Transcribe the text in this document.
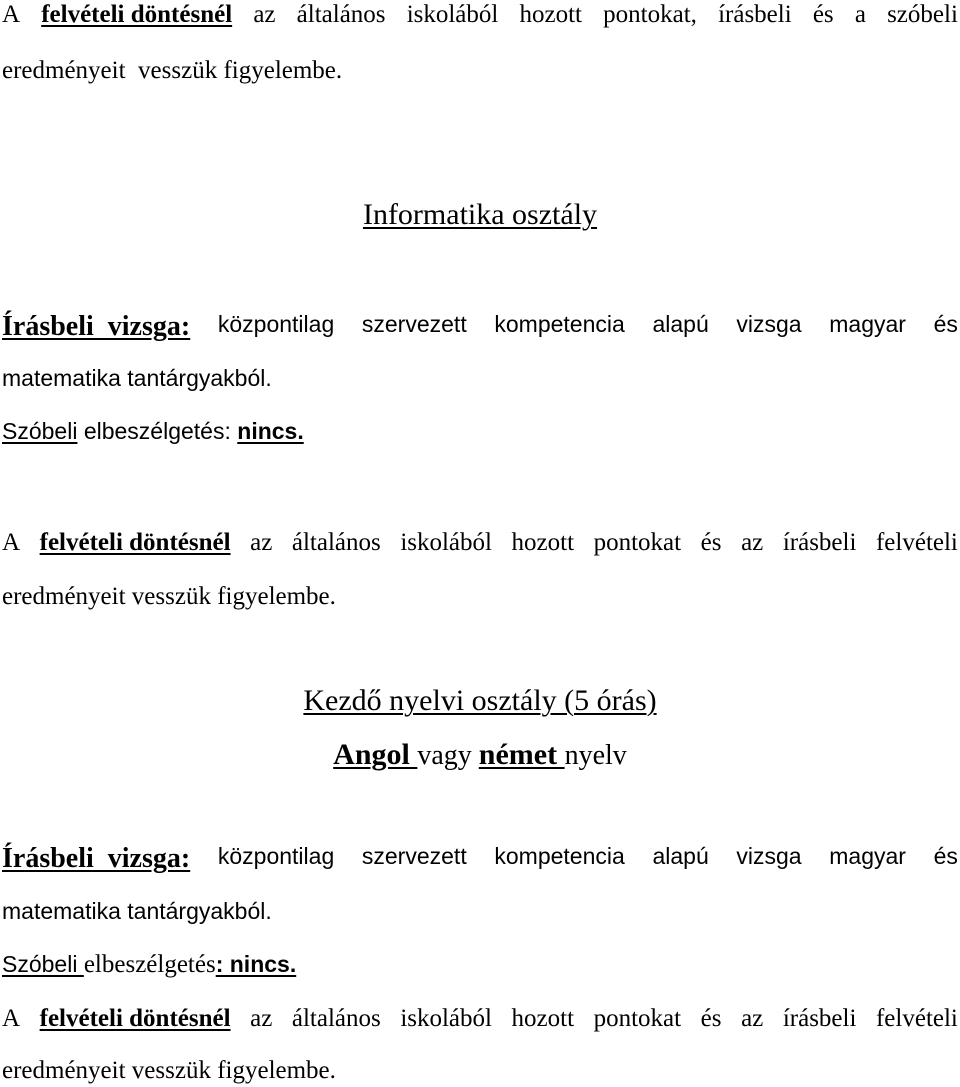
A felvételi döntésnél az általános iskolából hozott pontokat, írásbeli és a szóbeli
eredményeit  vesszük figyelembe.
Informatika osztály
Írásbeli  vizsga: központilag szervezett kompetencia alapú vizsga magyar és
matematika tantárgyakból.
Szóbeli elbeszélgetés: nincs.
A felvételi döntésnél az általános iskolából hozott pontokat és az írásbeli felvételi
eredményeit vesszük figyelembe.
Kezdő nyelvi osztály (5 órás)
Angol vagy német nyelv
Írásbeli  vizsga: központilag szervezett kompetencia alapú vizsga magyar és
matematika tantárgyakból.
Szóbeli elbeszélgetés: nincs.
A felvételi döntésnél az általános iskolából hozott pontokat és az írásbeli felvételi
eredményeit vesszük figyelembe.
